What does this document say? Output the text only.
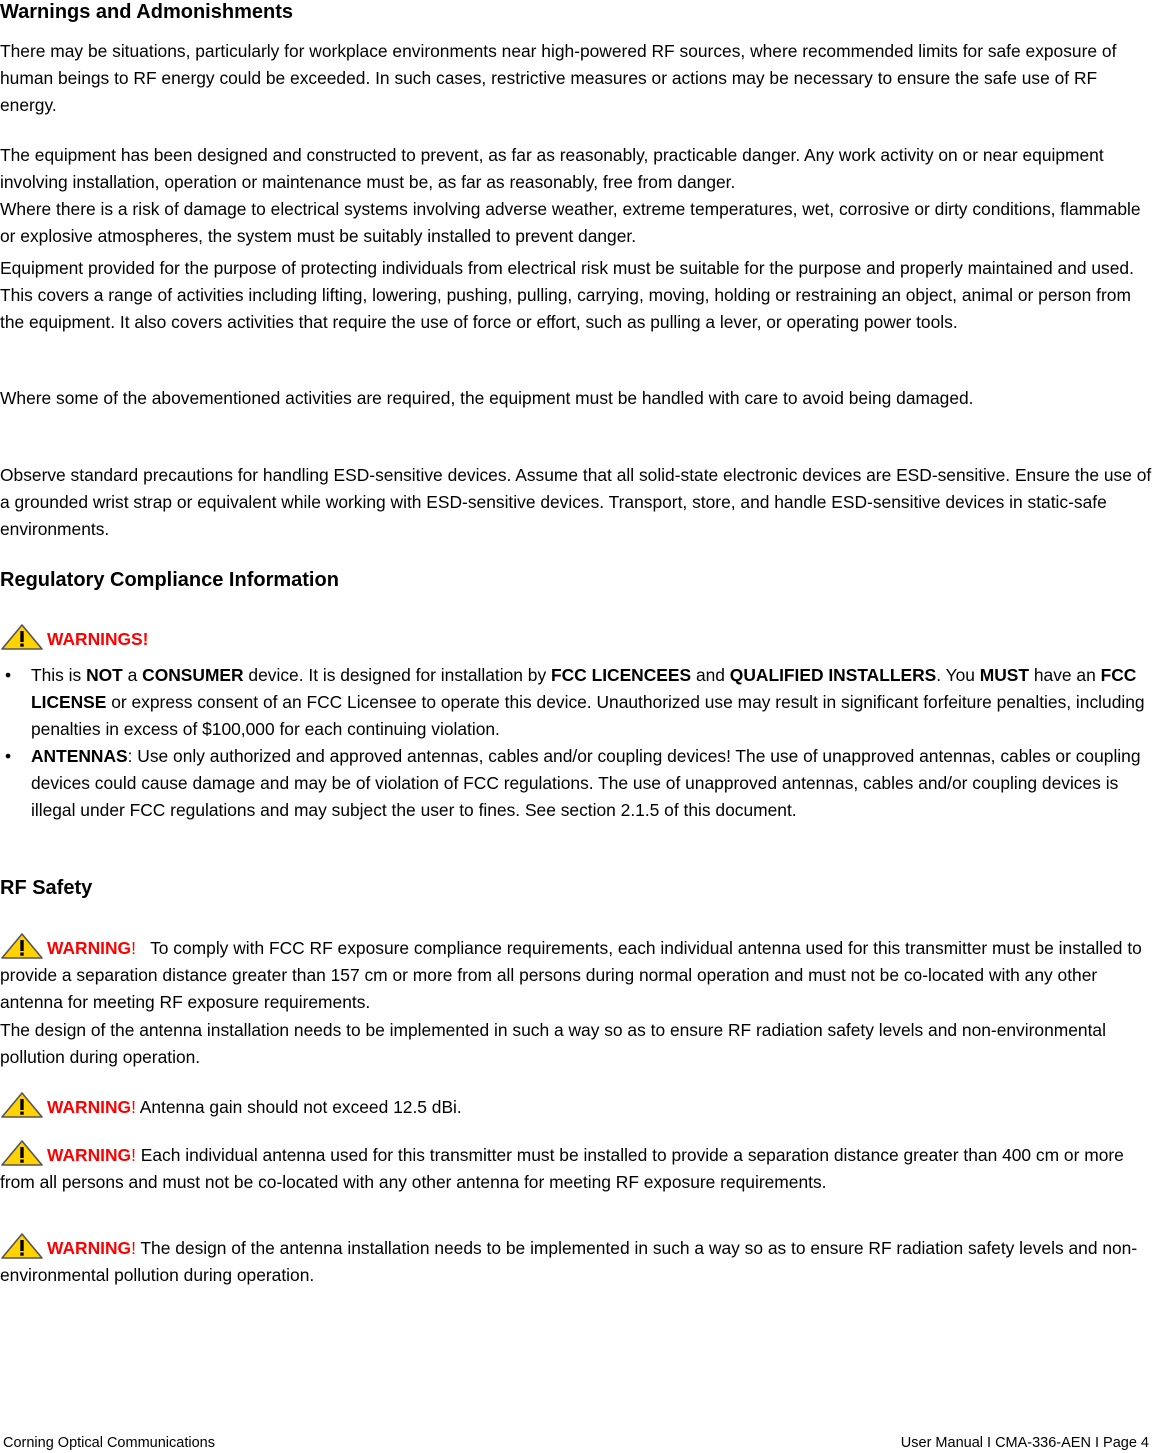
Warnings and Admonishments

There may be situations, particularly for workplace environments near high-powered RF sources, where recommended limits for safe exposure of human beings to RF energy could be exceeded. In such cases, restrictive measures or actions may be necessary to ensure the safe use of RF energy.

The equipment has been designed and constructed to prevent, as far as reasonably, practicable danger. Any work activity on or near equipment involving installation, operation or maintenance must be, as far as reasonably, free from danger.

Where there is a risk of damage to electrical systems involving adverse weather, extreme temperatures, wet, corrosive or dirty conditions, flammable or explosive atmospheres, the system must be suitably installed to prevent danger.

Equipment provided for the purpose of protecting individuals from electrical risk must be suitable for the purpose and properly maintained and used. This covers a range of activities including lifting, lowering, pushing, pulling, carrying, moving, holding or restraining an object, animal or person from the equipment. It also covers activities that require the use of force or effort, such as pulling a lever, or operating power tools.

Where some of the abovementioned activities are required, the equipment must be handled with care to avoid being damaged.

Observe standard precautions for handling ESD-sensitive devices. Assume that all solid-state electronic devices are ESD-sensitive. Ensure the use of a grounded wrist strap or equivalent while working with ESD-sensitive devices. Transport, store, and handle ESD-sensitive devices in static-safe environments.

Regulatory Compliance Information

WARNINGS!

• This is NOT a CONSUMER device. It is designed for installation by FCC LICENCEES and QUALIFIED INSTALLERS. You MUST have an FCC LICENSE or express consent of an FCC Licensee to operate this device. Unauthorized use may result in significant forfeiture penalties, including penalties in excess of $100,000 for each continuing violation.
• ANTENNAS: Use only authorized and approved antennas, cables and/or coupling devices! The use of unapproved antennas, cables or coupling devices could cause damage and may be of violation of FCC regulations. The use of unapproved antennas, cables and/or coupling devices is illegal under FCC regulations and may subject the user to fines. See section 2.1.5 of this document.
RF Safety

WARNING! To comply with FCC RF exposure compliance requirements, each individual antenna used for this transmitter must be installed to provide a separation distance greater than 157 cm or more from all persons during normal operation and must not be co-located with any other antenna for meeting RF exposure requirements.

The design of the antenna installation needs to be implemented in such a way so as to ensure RF radiation safety levels and non-environmental pollution during operation.

WARNING! Antenna gain should not exceed 12.5 dBi.

WARNING! Each individual antenna used for this transmitter must be installed to provide a separation distance greater than 400 cm or more from all persons and must not be co-located with any other antenna for meeting RF exposure requirements.

WARNING! The design of the antenna installation needs to be implemented in such a way so as to ensure RF radiation safety levels and non-environmental pollution during operation.

Corning Optical Communications	User Manual I CMA-336-AEN I Page 4
